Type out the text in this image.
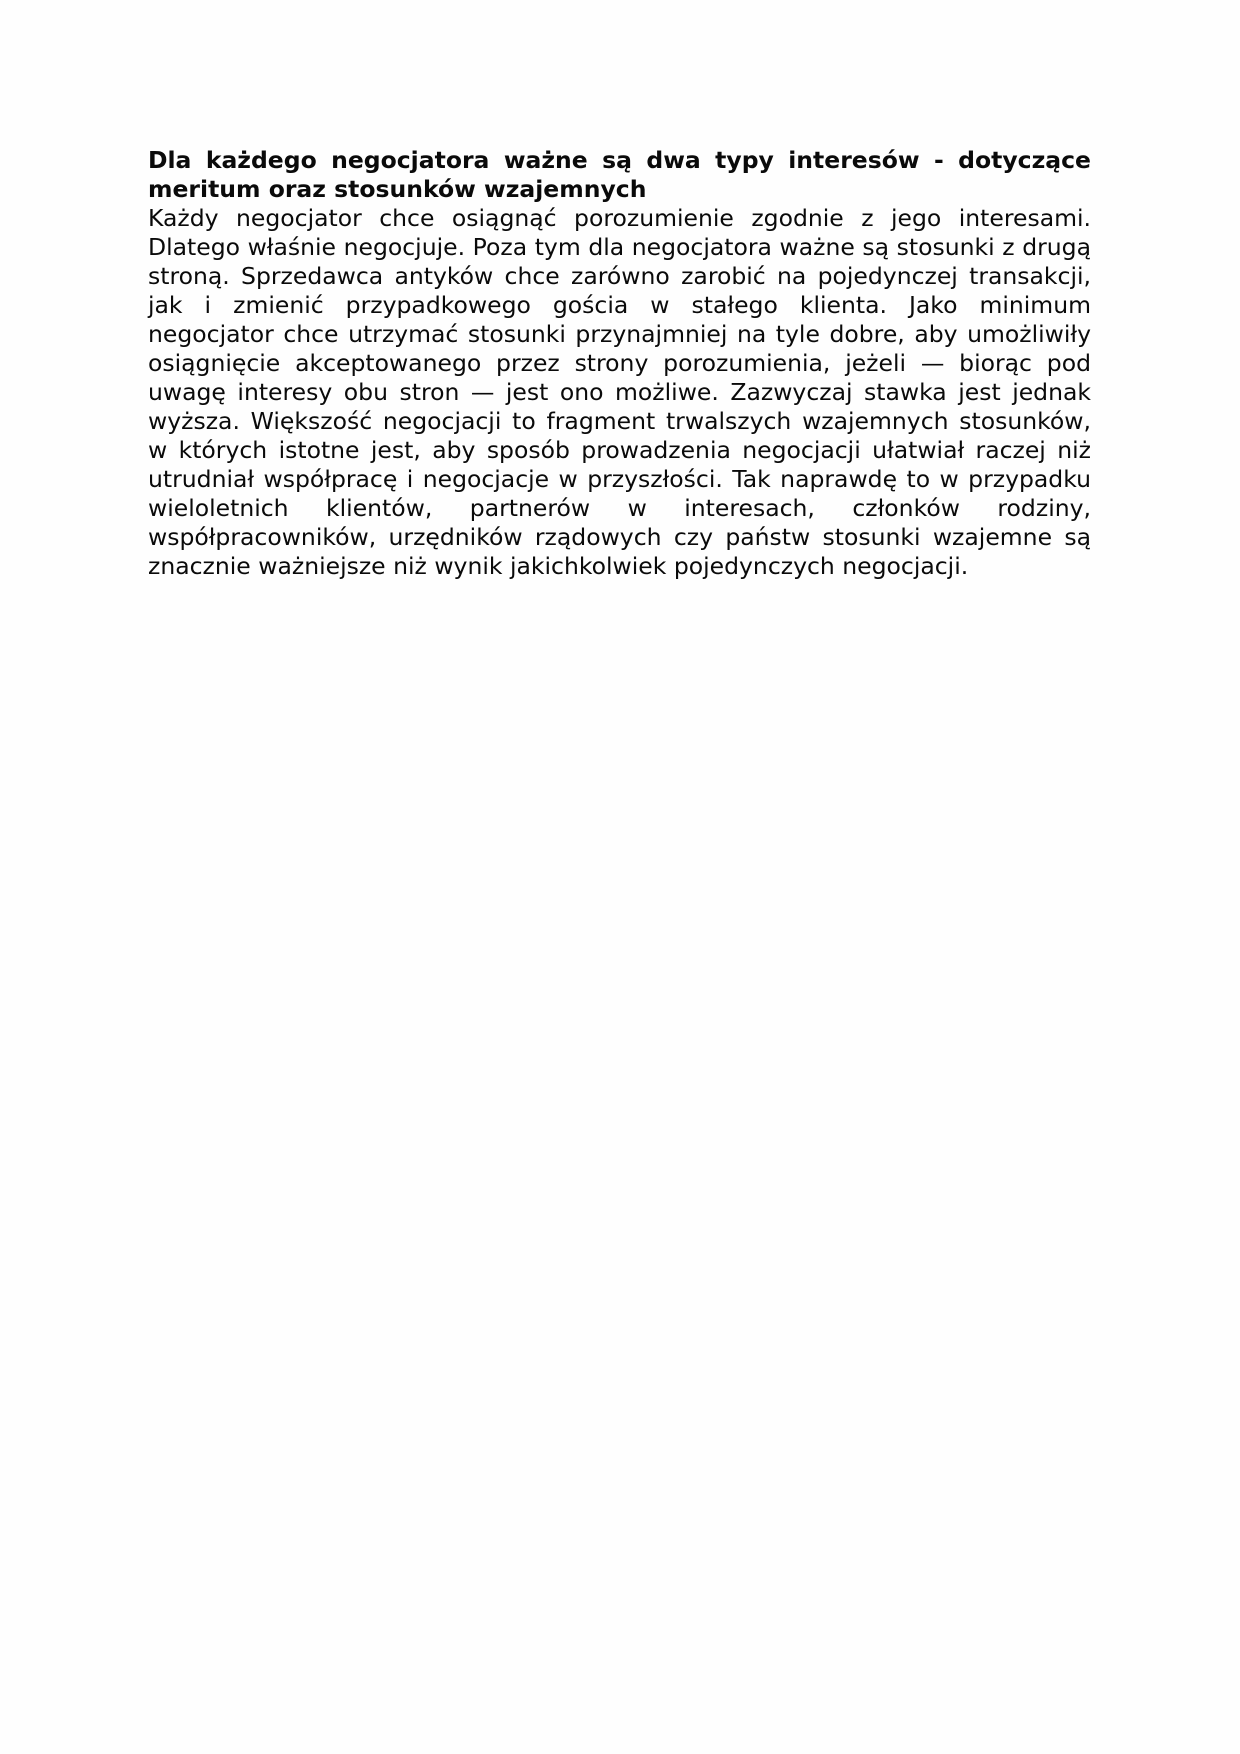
Dla każdego negocjatora ważne są dwa typy interesów - dotyczące
meritum oraz stosunków wzajemnych

Każdy negocjator chce osiągnąć porozumienie zgodnie z jego interesami. Dlatego właśnie negocjuje. Poza tym dla negocjatora ważne są stosunki z drugą stroną. Sprzedawca antyków chce zarówno zarobić na pojedynczej transakcji, jak i zmienić przypadkowego gościa w stałego klienta. Jako minimum negocjator chce utrzymać stosunki przynajmniej na tyle dobre, aby umożliwiły osiągnięcie akceptowanego przez strony porozumienia, jeżeli — biorąc pod uwagę interesy obu stron — jest ono możliwe. Zazwyczaj stawka jest jednak wyższa. Większość negocjacji to fragment trwalszych wzajemnych stosunków, w których istotne jest, aby sposób prowadzenia negocjacji ułatwiał raczej niż utrudniał współpracę i negocjacje w przyszłości. Tak naprawdę to w przypadku wieloletnich klientów, partnerów w interesach, członków rodziny, współpracowników, urzędników rządowych czy państw stosunki wzajemne są znacznie ważniejsze niż wynik jakichkolwiek pojedynczych negocjacji.
